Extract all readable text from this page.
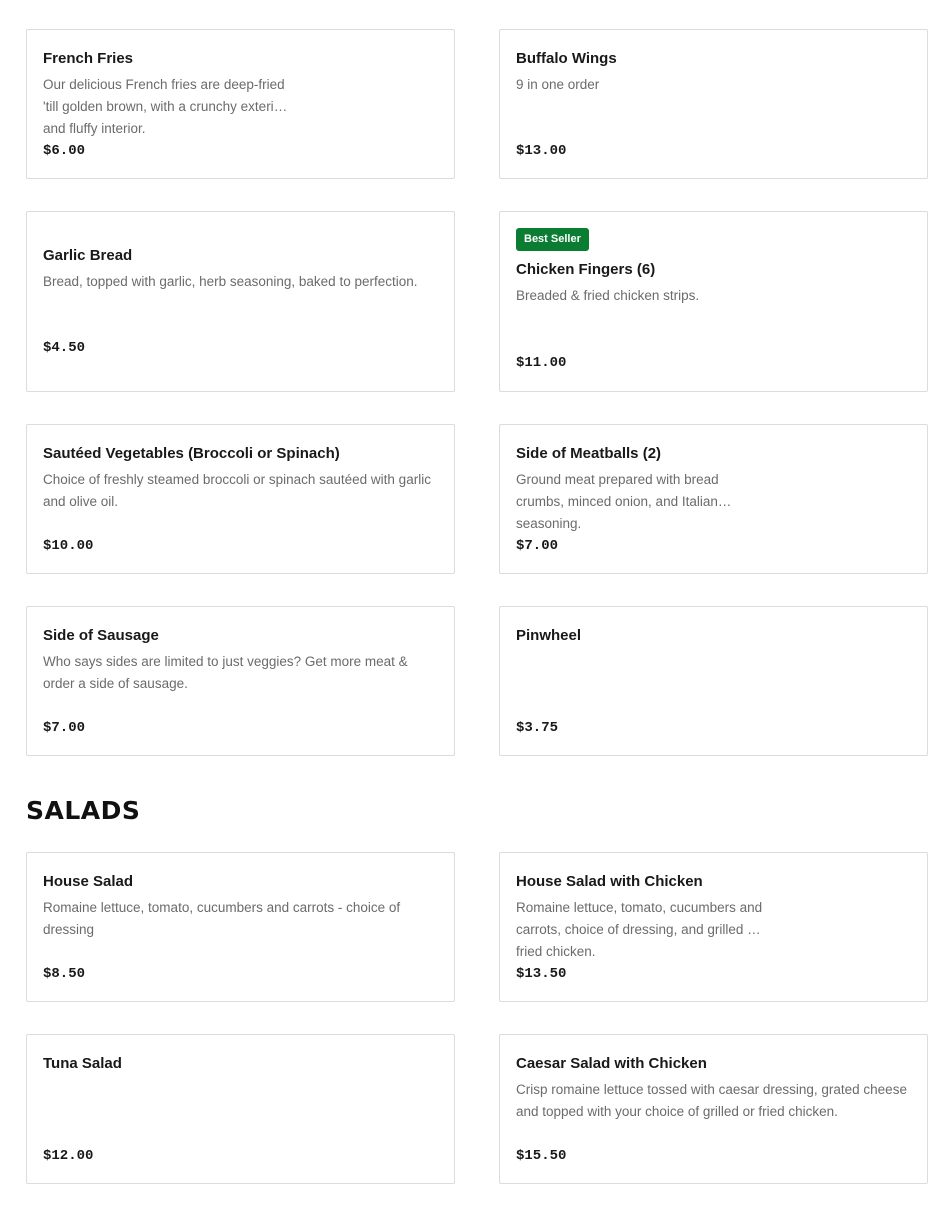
French Fries
Our delicious French fries are deep-fried 'till golden brown, with a crunchy exterior and fluffy interior.
$6.00
Buffalo Wings
9 in one order
$13.00
Garlic Bread
Bread, topped with garlic, herb seasoning, baked to perfection.
$4.50
Best Seller
Chicken Fingers (6)
Breaded & fried chicken strips.
$11.00
Sautéed Vegetables (Broccoli or Spinach)
Choice of freshly steamed broccoli or spinach sautéed with garlic and olive oil.
$10.00
Side of Meatballs (2)
Ground meat prepared with bread crumbs, minced onion, and Italian seasoning.
$7.00
Side of Sausage
Who says sides are limited to just veggies? Get more meat & order a side of sausage.
$7.00
Pinwheel
$3.75
SALADS
House Salad
Romaine lettuce, tomato, cucumbers and carrots - choice of dressing
$8.50
House Salad with Chicken
Romaine lettuce, tomato, cucumbers and carrots, choice of dressing, and grilled or fried chicken.
$13.50
Tuna Salad
$12.00
Caesar Salad with Chicken
Crisp romaine lettuce tossed with caesar dressing, grated cheese and topped with your choice of grilled or fried chicken.
$15.50
